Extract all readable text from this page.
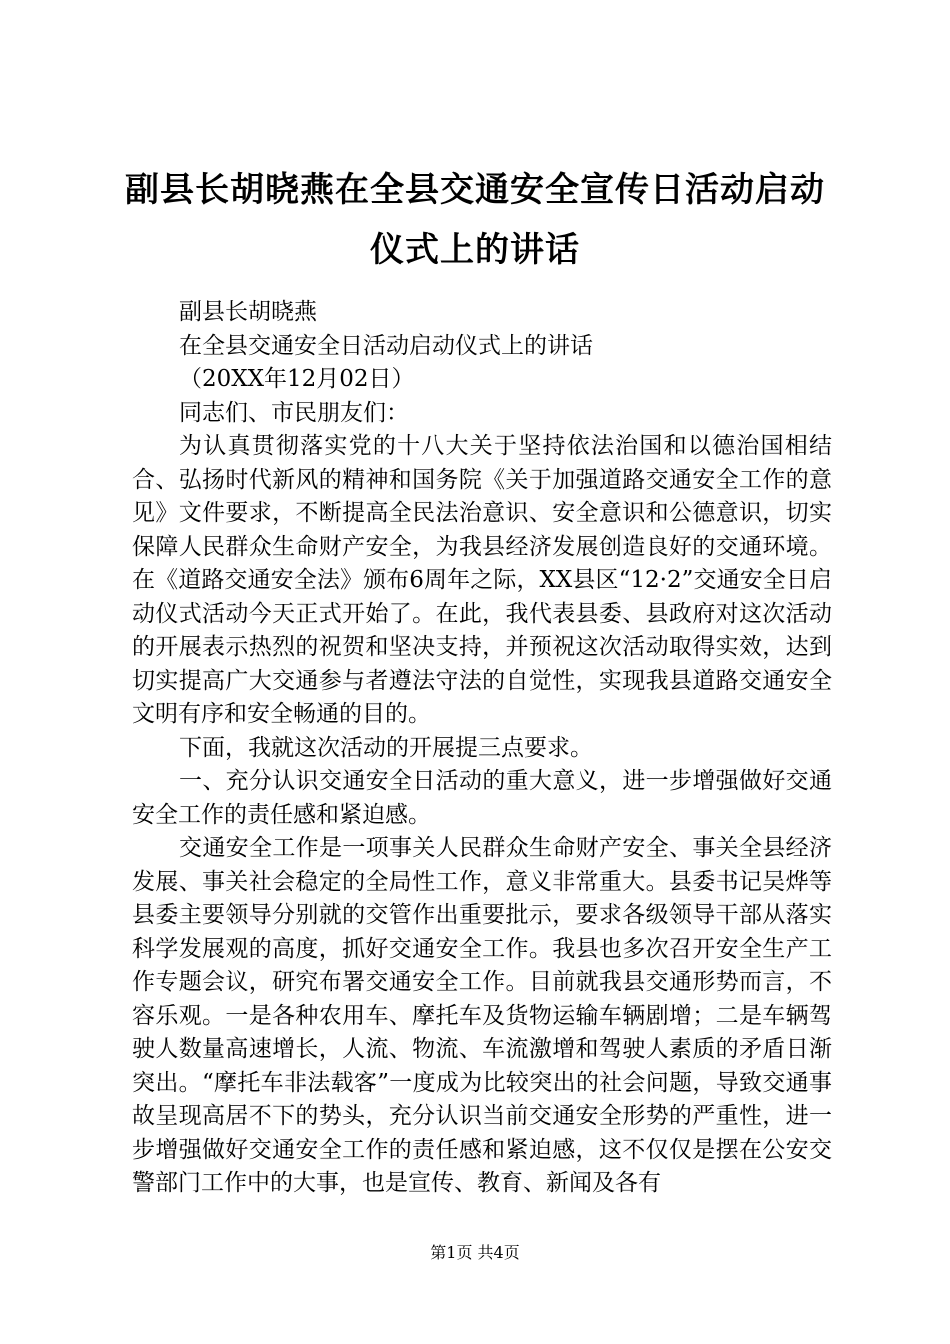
副县长胡晓燕在全县交通安全宣传日活动启动
仪式上的讲话

副县长胡晓燕

在全县交通安全日活动启动仪式上的讲话

（20XX年12月02日）

同志们、市民朋友们：

为认真贯彻落实党的十八大关于坚持依法治国和以德治国相结合、弘扬时代新风的精神和国务院《关于加强道路交通安全工作的意见》文件要求，不断提高全民法治意识、安全意识和公德意识，切实保障人民群众生命财产安全，为我县经济发展创造良好的交通环境。在《道路交通安全法》颁布6周年之际，XX县区“12·2”交通安全日启动仪式活动今天正式开始了。在此，我代表县委、县政府对这次活动的开展表示热烈的祝贺和坚决支持，并预祝这次活动取得实效，达到切实提高广大交通参与者遵法守法的自觉性，实现我县道路交通安全文明有序和安全畅通的目的。

下面，我就这次活动的开展提三点要求。

一、充分认识交通安全日活动的重大意义，进一步增强做好交通安全工作的责任感和紧迫感。

交通安全工作是一项事关人民群众生命财产安全、事关全县经济发展、事关社会稳定的全局性工作，意义非常重大。县委书记吴烨等县委主要领导分别就的交管作出重要批示，要求各级领导干部从落实科学发展观的高度，抓好交通安全工作。我县也多次召开安全生产工作专题会议，研究布署交通安全工作。目前就我县交通形势而言，不容乐观。一是各种农用车、摩托车及货物运输车辆剧增；二是车辆驾驶人数量高速增长，人流、物流、车流激增和驾驶人素质的矛盾日渐突出。“摩托车非法载客”一度成为比较突出的社会问题，导致交通事故呈现高居不下的势头，充分认识当前交通安全形势的严重性，进一步增强做好交通安全工作的责任感和紧迫感，这不仅仅是摆在公安交警部门工作中的大事，也是宣传、教育、新闻及各有

第1页 共4页
